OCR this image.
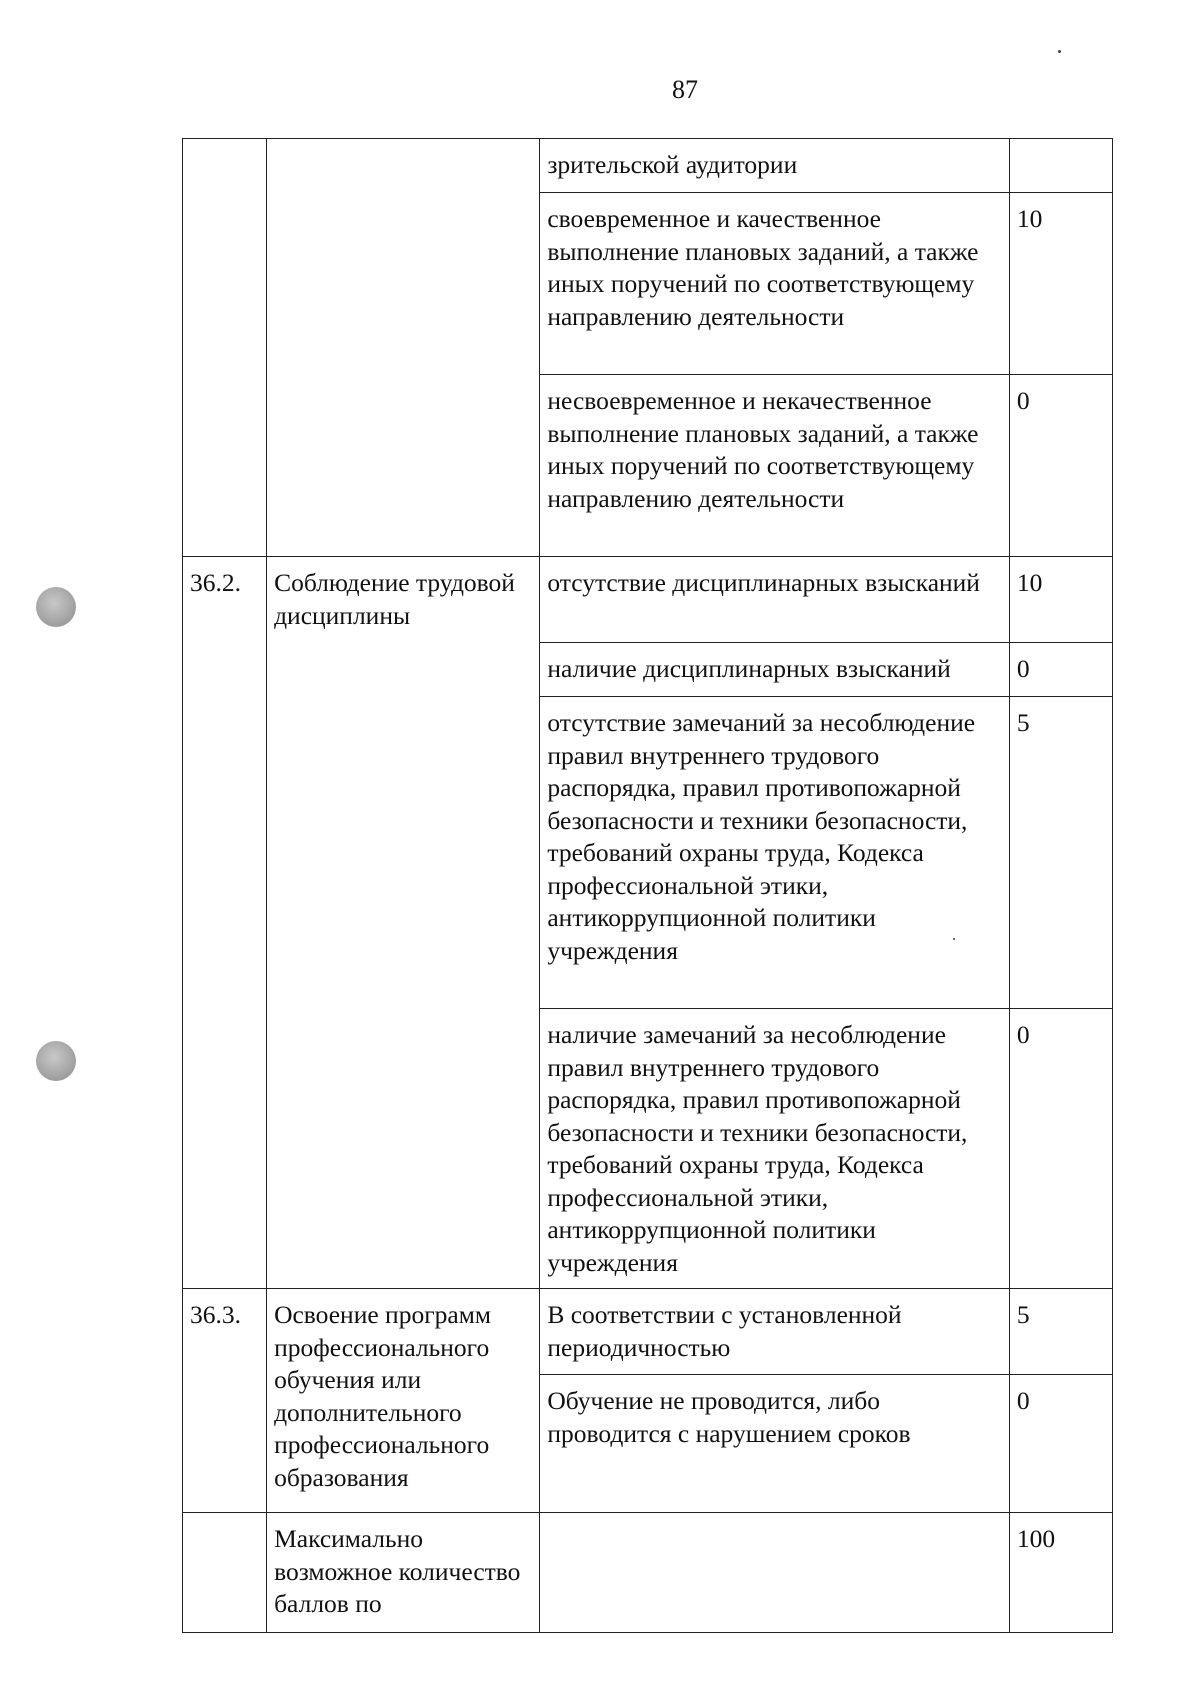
87
		зрительской аудитории	
		своевременное и качественное выполнение плановых заданий, а также иных поручений по соответствующему направлению деятельности	10
		несвоевременное и некачественное выполнение плановых заданий, а также иных поручений по соответствующему направлению деятельности	0
36.2.	Соблюдение трудовой дисциплины	отсутствие дисциплинарных взысканий	10
		наличие дисциплинарных взысканий	0
		отсутствие замечаний за несоблюдение правил внутреннего трудового распорядка, правил противопожарной безопасности и техники безопасности, требований охраны труда, Кодекса профессиональной этики, антикоррупционной политики учреждения	5
		наличие замечаний за несоблюдение правил внутреннего трудового распорядка, правил противопожарной безопасности и техники безопасности, требований охраны труда, Кодекса профессиональной этики, антикоррупционной политики учреждения	0
36.3.	Освоение программ профессионального обучения или дополнительного профессионального образования	В соответствии с установленной периодичностью	5
		Обучение не проводится, либо проводится с нарушением сроков	0
	Максимально возможное количество баллов по		100
